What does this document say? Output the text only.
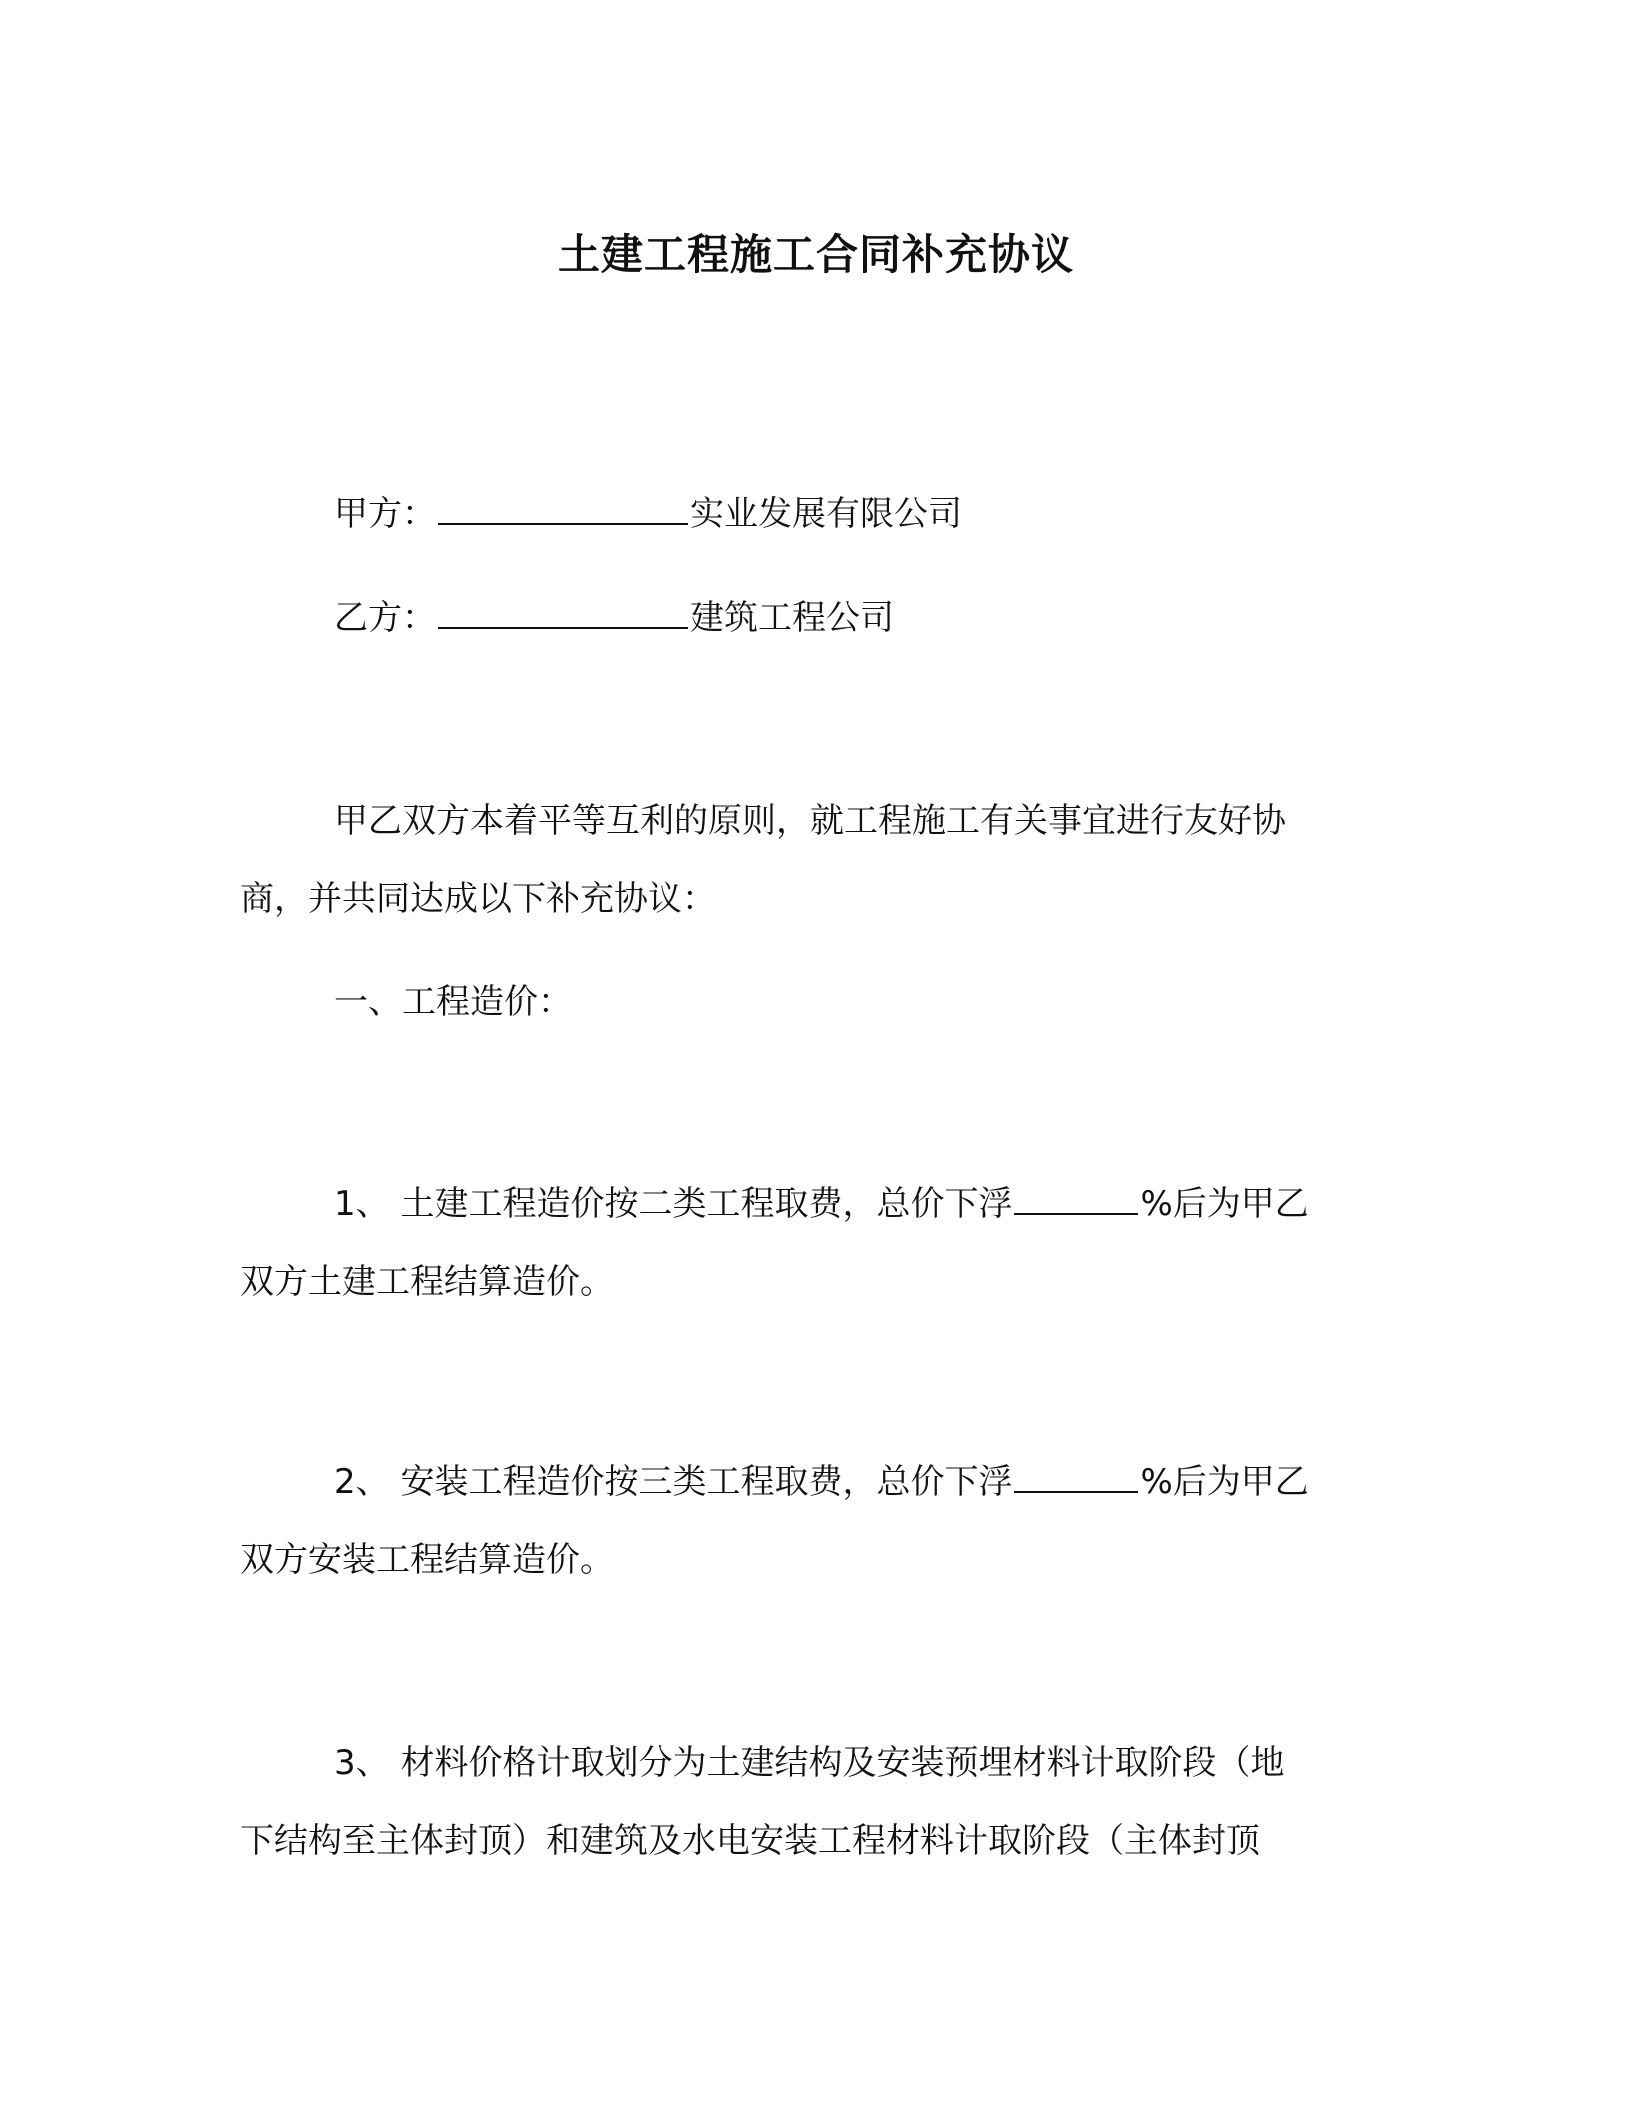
土建工程施工合同补充协议
甲方：	实业发展有限公司
乙方：	建筑工程公司
甲乙双方本着平等互利的原则，就工程施工有关事宜进行友好协
商，并共同达成以下补充协议：
一、工程造价：
1、 土建工程造价按二类工程取费，总价下浮	%后为甲乙
双方土建工程结算造价。
2、 安装工程造价按三类工程取费，总价下浮	%后为甲乙
双方安装工程结算造价。
3、 材料价格计取划分为土建结构及安装预埋材料计取阶段（地
下结构至主体封顶）和建筑及水电安装工程材料计取阶段（主体封顶
